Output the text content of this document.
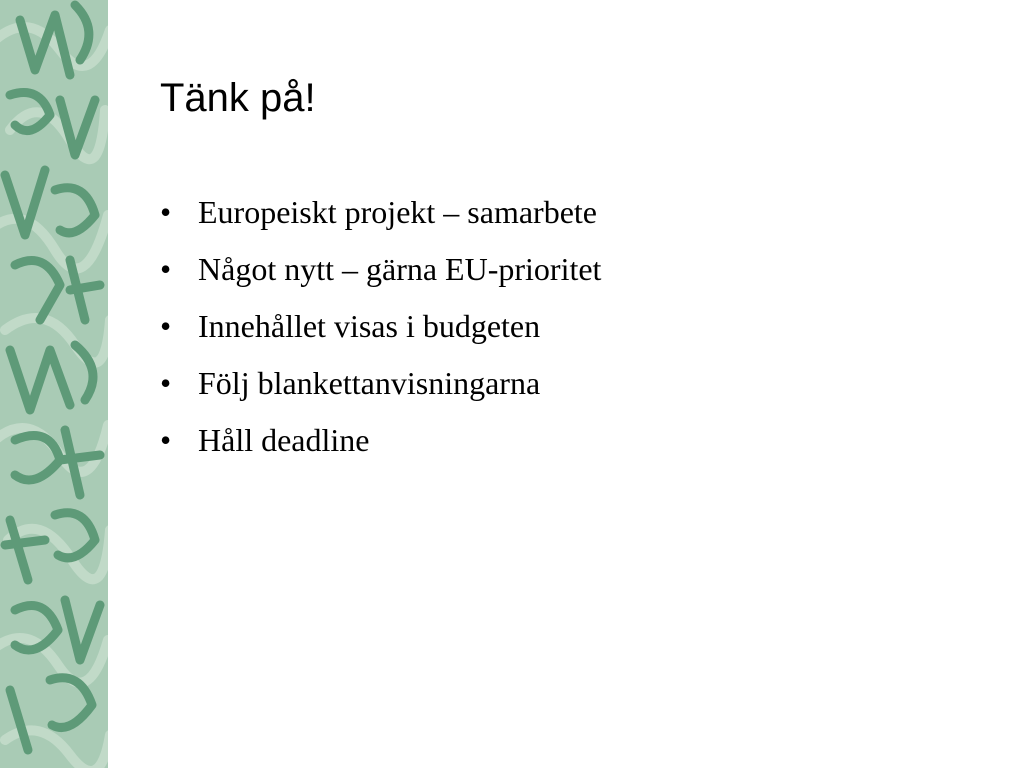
Tänk på!
• Europeiskt projekt – samarbete
• Något nytt – gärna EU-prioritet
• Innehållet visas i budgeten
• Följ blankettanvisningarna
• Håll deadline
